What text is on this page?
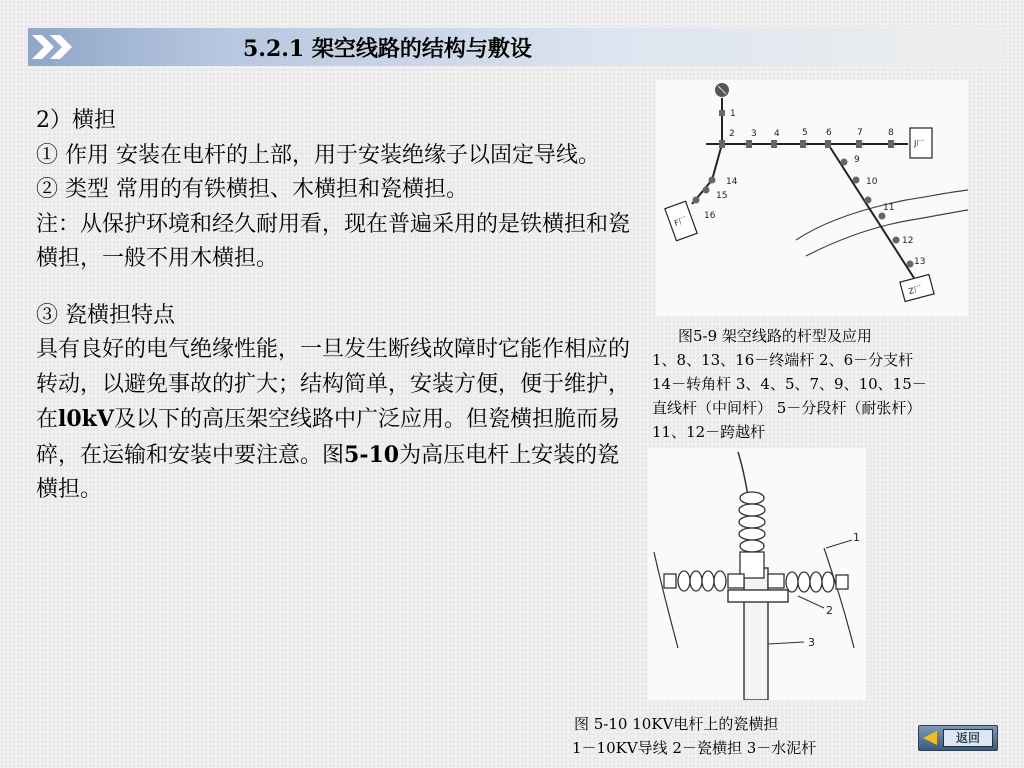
5.2.1 架空线路的结构与敷设

2）横担

① 作用 安装在电杆的上部，用于安装绝缘子以固定导线。

② 类型 常用的有铁横担、木横担和瓷横担。

注：从保护环境和经久耐用看，现在普遍采用的是铁横担和瓷横担，一般不用木横担。

③ 瓷横担特点

具有良好的电气绝缘性能，一旦发生断线故障时它能作相应的转动，以避免事故的扩大；结构简单，安装方便，便于维护，在l0kV及以下的高压架空线路中广泛应用。但瓷横担脆而易碎，在运输和安装中要注意。图5-10为高压电杆上安装的瓷横担。

1
2 3 4 5 6	7	8
9
10
11
12
13
14
15
16
J厂
F厂
Z厂
图5-9 架空线路的杆型及应用
1、8、13、16－终端杆 2、6－分支杆
14－转角杆 3、4、5、7、9、10、15－
直线杆（中间杆） 5－分段杆（耐张杆）
11、12－跨越杆
1
2
3
图 5-10 10KV电杆上的瓷横担
1－10KV导线 2－瓷横担 3－水泥杆
返回
